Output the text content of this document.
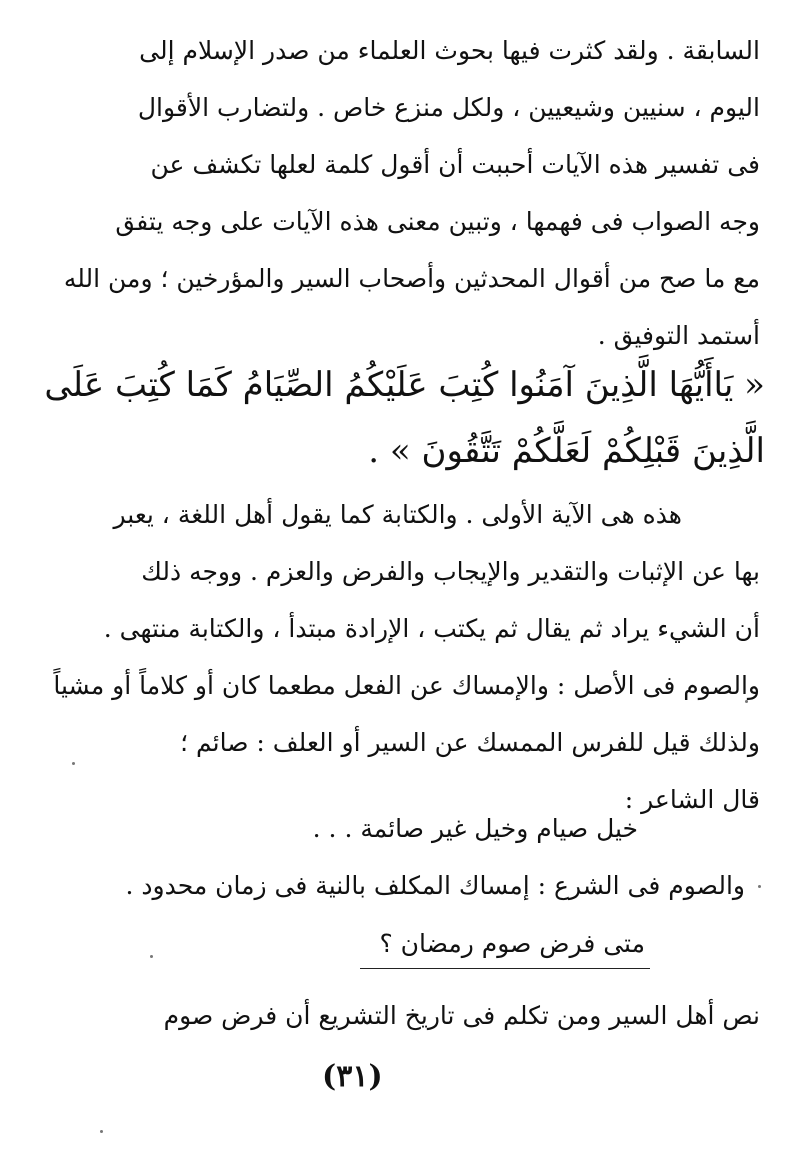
السابقة . ولقد كثرت فيها بحوث العلماء من صدر الإسلام إلى
اليوم ، سنيين وشيعيين ، ولكل منزع خاص . ولتضارب الأقوال
فى تفسير هذه الآيات أحببت أن أقول كلمة لعلها تكشف عن
وجه الصواب فى فهمها ، وتبين معنى هذه الآيات على وجه يتفق
مع ما صح من أقوال المحدثين وأصحاب السير والمؤرخين ؛ ومن الله
أستمد التوفيق .
« يَاأَيُّهَا الَّذِينَ آمَنُوا كُتِبَ عَلَيْكُمُ الصِّيَامُ كَمَا كُتِبَ عَلَى
الَّذِينَ قَبْلِكُمْ لَعَلَّكُمْ تَتَّقُونَ » .
هذه هى الآية الأولى . والكتابة كما يقول أهل اللغة ، يعبر
بها عن الإثبات والتقدير والإيجاب والفرض والعزم . ووجه ذلك
أن الشيء يراد ثم يقال ثم يكتب ، الإرادة مبتدأ ، والكتابة منتهى .
والصوم فى الأصل : والإمساك عن الفعل مطعما كان أو كلاماً أو مشياً
ولذلك قيل للفرس الممسك عن السير أو العلف : صائم ؛
قال الشاعر :
خيل صيام وخيل غير صائمة . . .
والصوم فى الشرع : إمساك المكلف بالنية فى زمان محدود .
متى فرض صوم رمضان ؟
نص أهل السير ومن تكلم فى تاريخ التشريع أن فرض صوم
(٣١)
